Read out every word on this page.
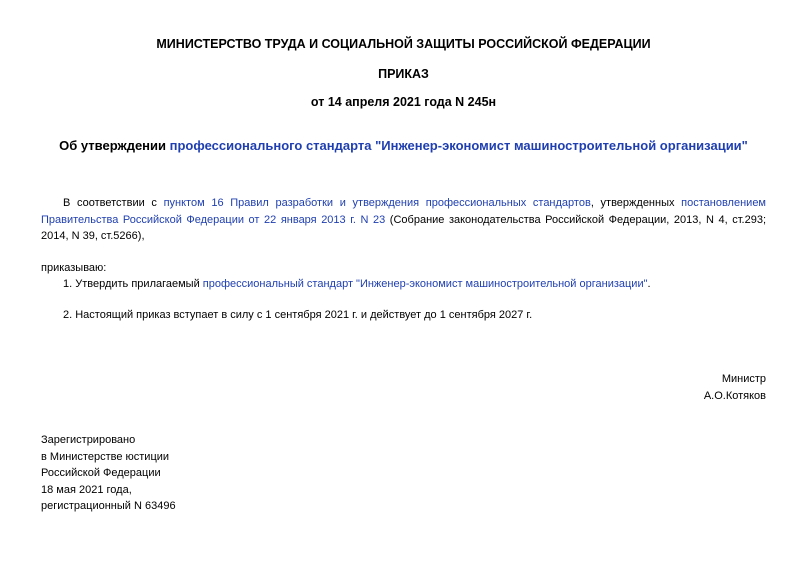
МИНИСТЕРСТВО ТРУДА И СОЦИАЛЬНОЙ ЗАЩИТЫ РОССИЙСКОЙ ФЕДЕРАЦИИ
ПРИКАЗ
от 14 апреля 2021 года N 245н
Об утверждении профессионального стандарта "Инженер-экономист машиностроительной организации"
В соответствии с пунктом 16 Правил разработки и утверждения профессиональных стандартов, утвержденных постановлением Правительства Российской Федерации от 22 января 2013 г. N 23 (Собрание законодательства Российской Федерации, 2013, N 4, ст.293; 2014, N 39, ст.5266),
приказываю:
1. Утвердить прилагаемый профессиональный стандарт "Инженер-экономист машиностроительной организации".
2. Настоящий приказ вступает в силу с 1 сентября 2021 г. и действует до 1 сентября 2027 г.
Министр
А.О.Котяков
Зарегистрировано
в Министерстве юстиции
Российской Федерации
18 мая 2021 года,
регистрационный N 63496
